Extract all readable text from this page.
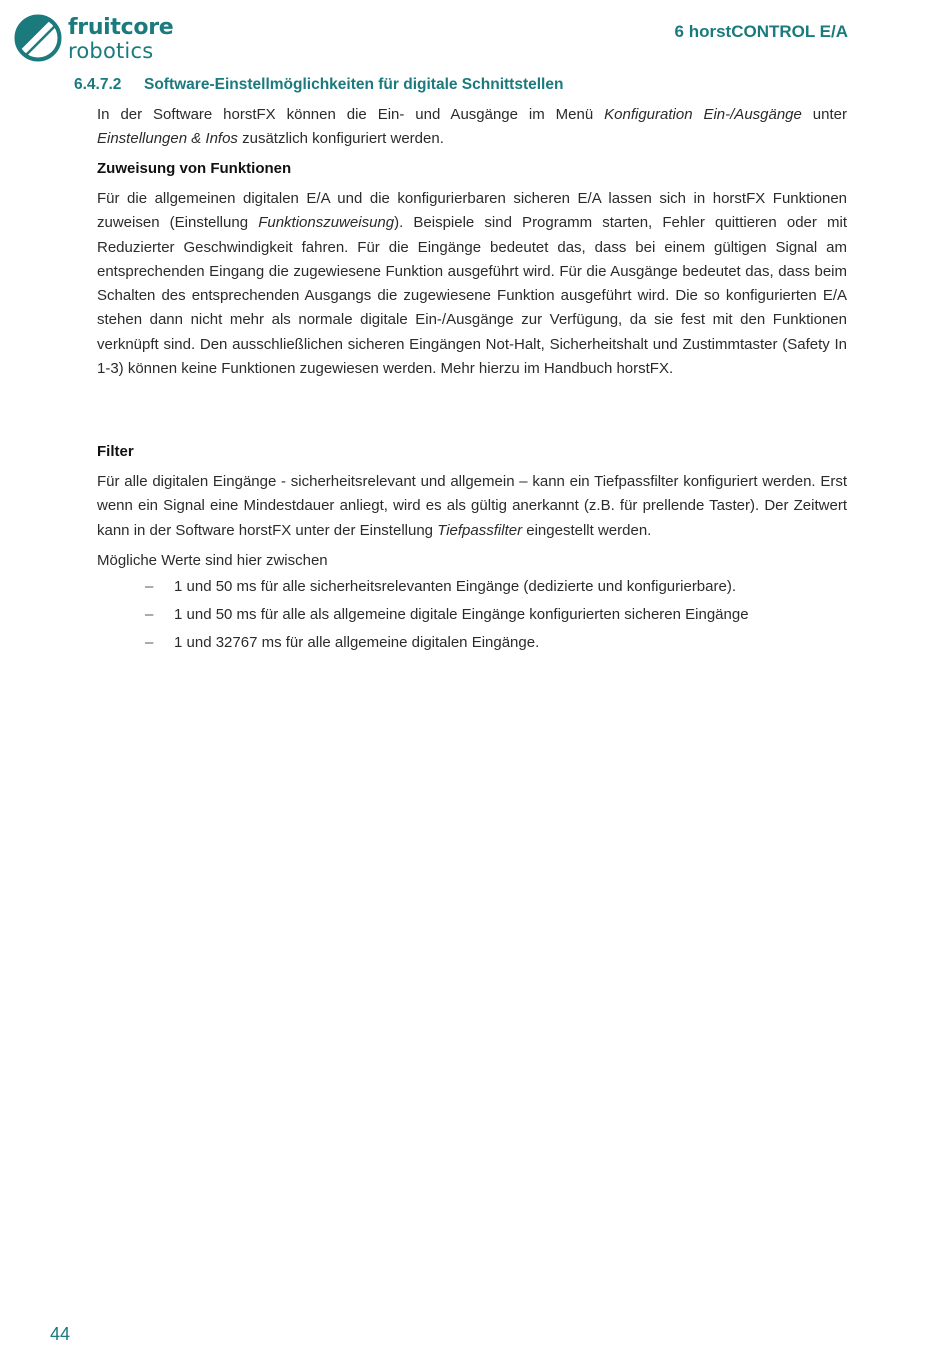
fruitcore
robotics
6 horstCONTROL E/A
6.4.7.2 Software-Einstellmöglichkeiten für digitale Schnittstellen

In der Software horstFX können die Ein- und Ausgänge im Menü Konfiguration Ein-/Ausgänge unter Einstellungen & Infos zusätzlich konfiguriert werden.

Zuweisung von Funktionen

Für die allgemeinen digitalen E/A und die konfigurierbaren sicheren E/A lassen sich in horstFX Funktionen zuweisen (Einstellung Funktionszuweisung). Beispiele sind Programm starten, Fehler quittieren oder mit Reduzierter Geschwindigkeit fahren. Für die Eingänge bedeutet das, dass bei einem gültigen Signal am entsprechenden Eingang die zugewiesene Funktion ausgeführt wird. Für die Ausgänge bedeutet das, dass beim Schalten des entsprechenden Ausgangs die zugewiesene Funktion ausgeführt wird. Die so konfigurierten E/A stehen dann nicht mehr als normale digitale Ein-/Ausgänge zur Verfügung, da sie fest mit den Funktionen verknüpft sind. Den ausschließlichen sicheren Eingängen Not-Halt, Sicherheitshalt und Zustimmtaster (Safety In 1-3) können keine Funktionen zugewiesen werden. Mehr hierzu im Handbuch horstFX.

Filter

Für alle digitalen Eingänge - sicherheitsrelevant und allgemein – kann ein Tiefpassfilter konfiguriert werden. Erst wenn ein Signal eine Mindestdauer anliegt, wird es als gültig anerkannt (z.B. für prellende Taster). Der Zeitwert kann in der Software horstFX unter der Einstellung Tiefpassfilter eingestellt werden.

Mögliche Werte sind hier zwischen

– 1 und 50 ms für alle sicherheitsrelevanten Eingänge (dedizierte und konfigurierbare).
– 1 und 50 ms für alle als allgemeine digitale Eingänge konfigurierten sicheren Eingänge
– 1 und 32767 ms für alle allgemeine digitalen Eingänge.
44
